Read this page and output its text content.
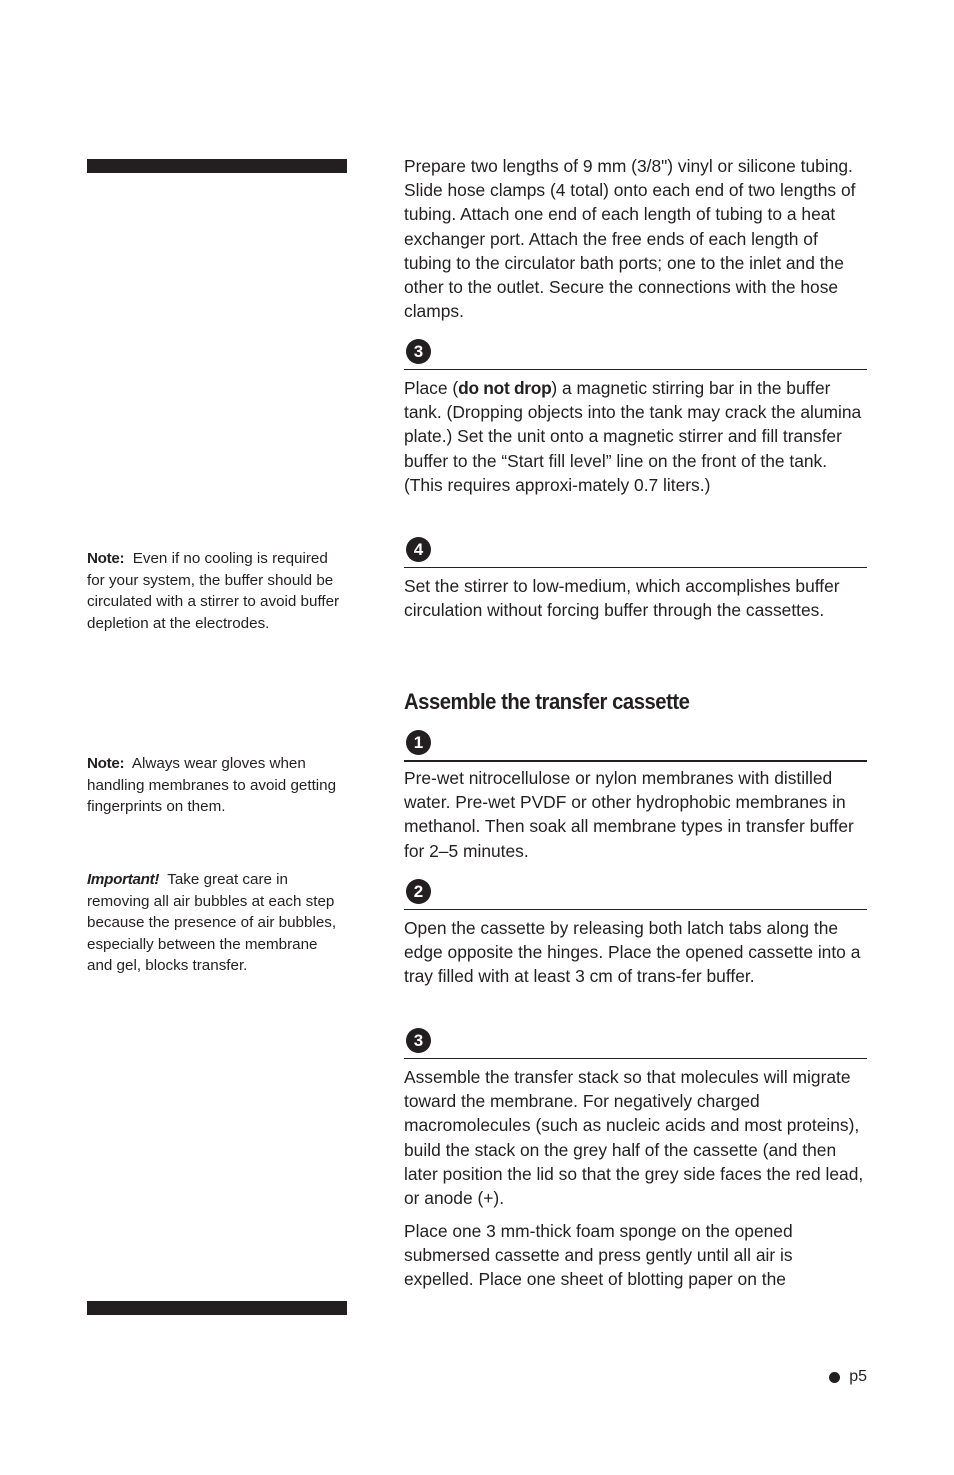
Prepare two lengths of 9 mm (3/8") vinyl or silicone tubing. Slide hose clamps (4 total) onto each end of two lengths of tubing. Attach one end of each length of tubing to a heat exchanger port. Attach the free ends of each length of tubing to the circulator bath ports; one to the inlet and the other to the outlet. Secure the connections with the hose clamps.

3

Place (do not drop) a magnetic stirring bar in the buffer tank. (Dropping objects into the tank may crack the alumina plate.) Set the unit onto a magnetic stirrer and fill transfer buffer to the “Start fill level” line on the front of the tank. (This requires approxi-mately 0.7 liters.)

4

Set the stirrer to low-medium, which accomplishes buffer circulation without forcing buffer through the cassettes.

Assemble the transfer cassette
1

Pre-wet nitrocellulose or nylon membranes with distilled water. Pre-wet PVDF or other hydrophobic membranes in methanol. Then soak all membrane types in transfer buffer for 2–5 minutes.

2

Open the cassette by releasing both latch tabs along the edge opposite the hinges. Place the opened cassette into a tray filled with at least 3 cm of trans-fer buffer.

3

Assemble the transfer stack so that molecules will migrate toward the membrane. For negatively charged macromolecules (such as nucleic acids and most proteins), build the stack on the grey half of the cassette (and then later position the lid so that the grey side faces the red lead, or anode (+).

Place one 3 mm-thick foam sponge on the opened submersed cassette and press gently until all air is expelled. Place one sheet of blotting paper on the

Note: Even if no cooling is required for your system, the buffer should be circulated with a stirrer to avoid buffer depletion at the electrodes.

Note: Always wear gloves when handling membranes to avoid getting fingerprints on them.

Important! Take great care in removing all air bubbles at each step because the presence of air bubbles, especially between the membrane and gel, blocks transfer.

p5
